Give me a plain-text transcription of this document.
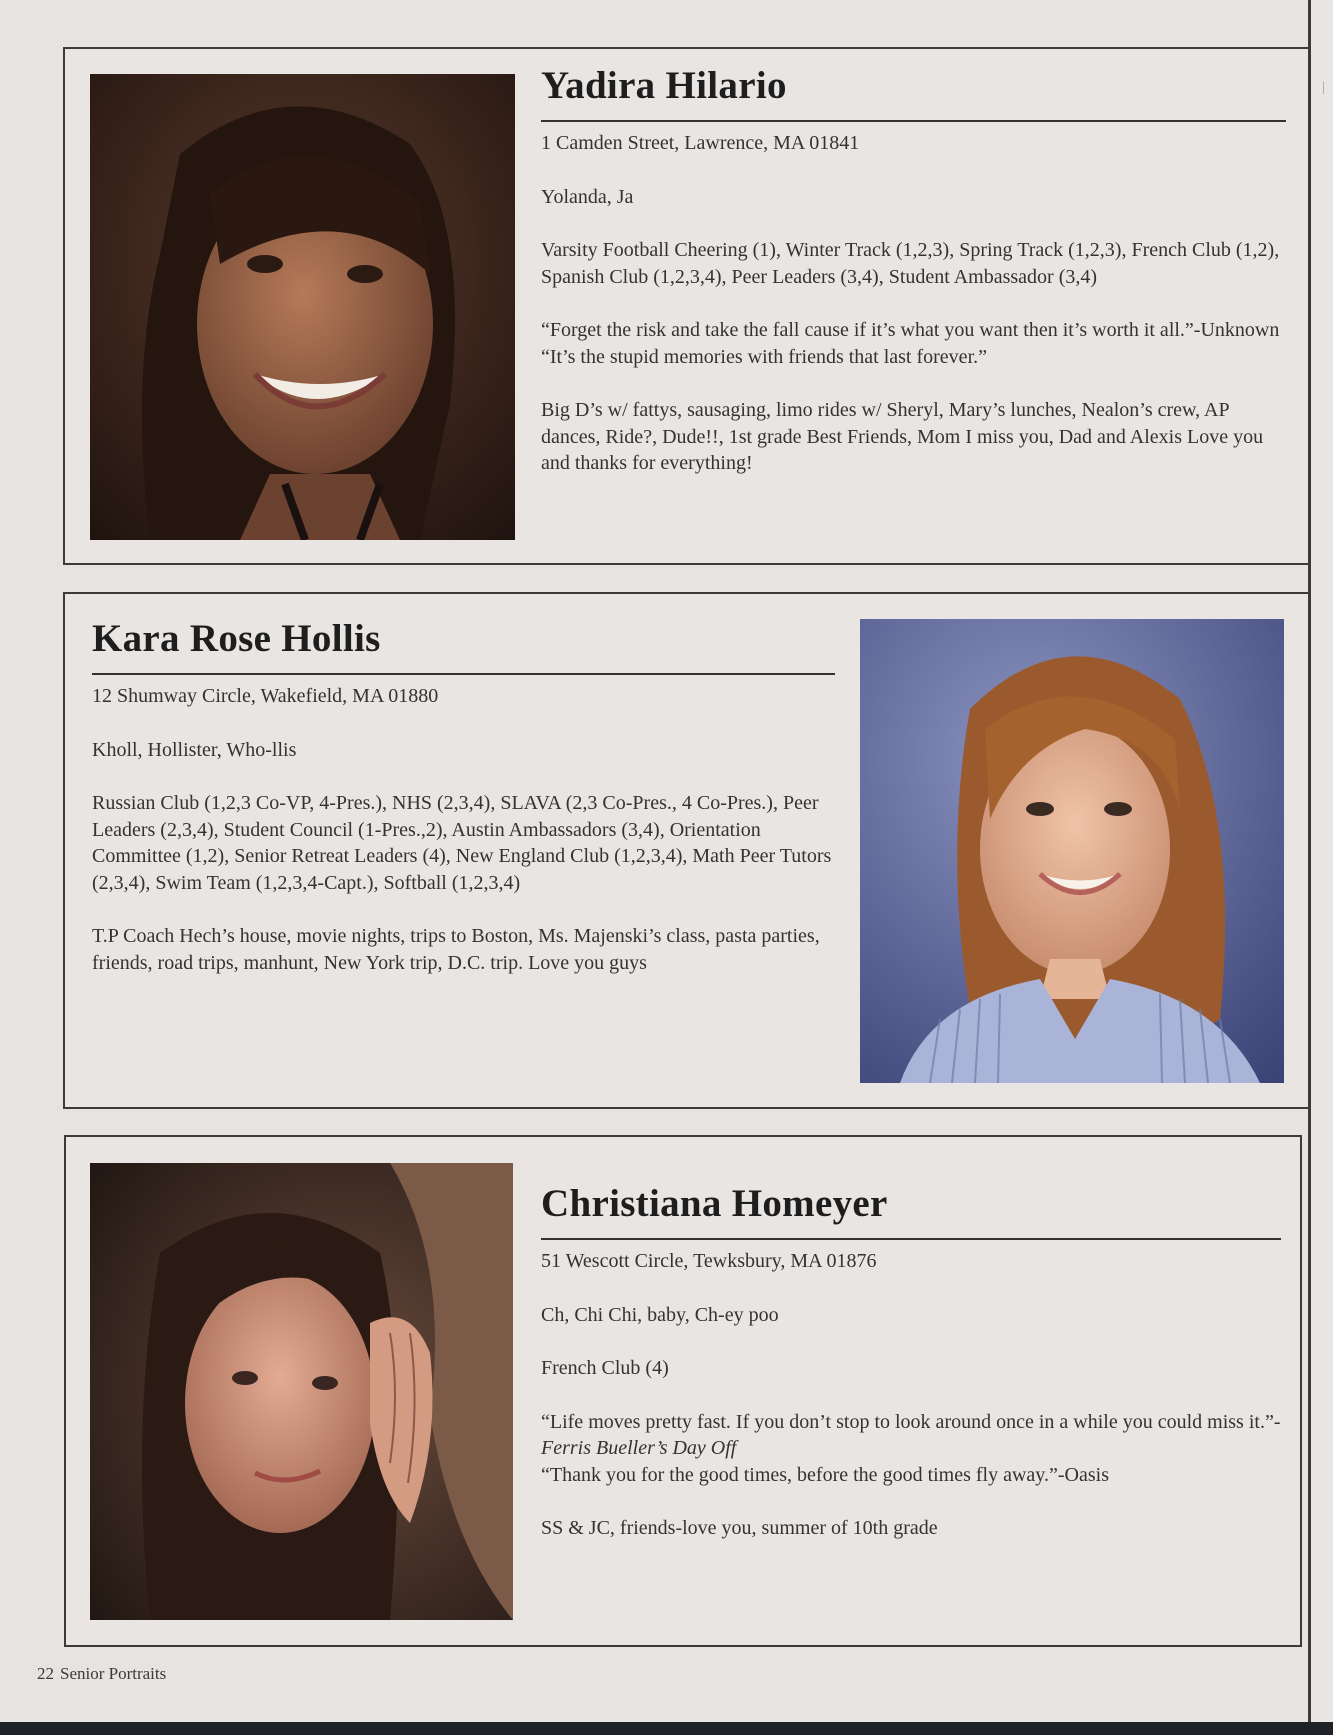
|
Yadira Hilario

1 Camden Street, Lawrence, MA 01841

Yolanda, Ja

Varsity Football Cheering (1), Winter Track (1,2,3), Spring Track (1,2,3), French Club (1,2), Spanish Club (1,2,3,4), Peer Leaders (3,4), Student Ambassador (3,4)

“Forget the risk and take the fall cause if it’s what you want then it’s worth it all.”-Unknown

“It’s the stupid memories with friends that last forever.”

Big D’s w/ fattys, sausaging, limo rides w/ Sheryl, Mary’s lunches, Nealon’s crew, AP dances, Ride?, Dude!!, 1st grade Best Friends, Mom I miss you, Dad and Alexis Love you and thanks for everything!

Kara Rose Hollis

12 Shumway Circle, Wakefield, MA 01880

Kholl, Hollister, Who-llis

Russian Club (1,2,3 Co-VP, 4-Pres.), NHS (2,3,4), SLAVA (2,3 Co-Pres., 4 Co-Pres.), Peer Leaders (2,3,4), Student Council (1-Pres.,2), Austin Ambassadors (3,4), Orientation Committee (1,2), Senior Retreat Leaders (4), New England Club (1,2,3,4), Math Peer Tutors (2,3,4), Swim Team (1,2,3,4-Capt.), Softball (1,2,3,4)

T.P Coach Hech’s house, movie nights, trips to Boston, Ms. Majenski’s class, pasta parties, friends, road trips, manhunt, New York trip, D.C. trip. Love you guys

Christiana Homeyer

51 Wescott Circle, Tewksbury, MA 01876

Ch, Chi Chi, baby, Ch-ey poo

French Club (4)

“Life moves pretty fast. If you don’t stop to look around once in a while you could miss it.”-Ferris Bueller’s Day Off

“Thank you for the good times, before the good times fly away.”-Oasis

SS & JC, friends-love you, summer of 10th grade

22 Senior Portraits
